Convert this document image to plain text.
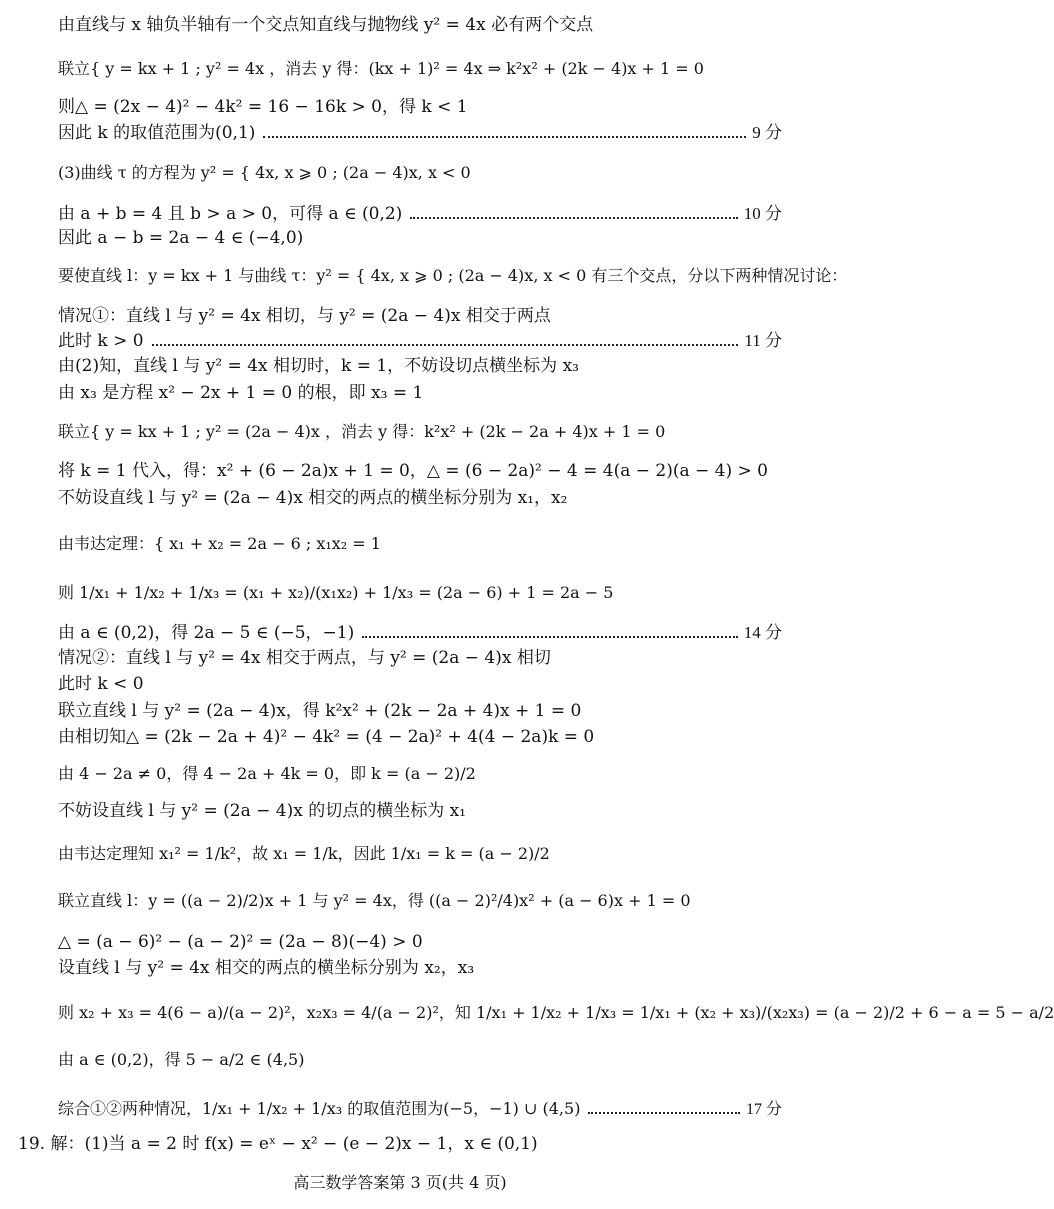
由直线与 x 轴负半轴有一个交点知直线与抛物线 y² = 4x 必有两个交点
联立{ y = kx + 1 ; y² = 4x ，消去 y 得：(kx + 1)² = 4x ⇒ k²x² + (2k − 4)x + 1 = 0
则△ = (2x − 4)² − 4k² = 16 − 16k > 0，得 k < 1
因此 k 的取值范围为(0,1)	9 分
(3)曲线 τ 的方程为 y² = { 4x, x ⩾ 0 ; (2a − 4)x, x < 0
由 a + b = 4 且 b > a > 0，可得 a ∈ (0,2)	10 分
因此 a − b = 2a − 4 ∈ (−4,0)
要使直线 l：y = kx + 1 与曲线 τ：y² = { 4x, x ⩾ 0 ; (2a − 4)x, x < 0 有三个交点，分以下两种情况讨论：
情况①：直线 l 与 y² = 4x 相切，与 y² = (2a − 4)x 相交于两点
此时 k > 0	11 分
由(2)知，直线 l 与 y² = 4x 相切时，k = 1，不妨设切点横坐标为 x₃
由 x₃ 是方程 x² − 2x + 1 = 0 的根，即 x₃ = 1
联立{ y = kx + 1 ; y² = (2a − 4)x ，消去 y 得：k²x² + (2k − 2a + 4)x + 1 = 0
将 k = 1 代入，得：x² + (6 − 2a)x + 1 = 0，△ = (6 − 2a)² − 4 = 4(a − 2)(a − 4) > 0
不妨设直线 l 与 y² = (2a − 4)x 相交的两点的横坐标分别为 x₁，x₂
由韦达定理：{ x₁ + x₂ = 2a − 6 ; x₁x₂ = 1
则 1/x₁ + 1/x₂ + 1/x₃ = (x₁ + x₂)/(x₁x₂) + 1/x₃ = (2a − 6) + 1 = 2a − 5
由 a ∈ (0,2)，得 2a − 5 ∈ (−5，−1)	14 分
情况②：直线 l 与 y² = 4x 相交于两点，与 y² = (2a − 4)x 相切
此时 k < 0
联立直线 l 与 y² = (2a − 4)x，得 k²x² + (2k − 2a + 4)x + 1 = 0
由相切知△ = (2k − 2a + 4)² − 4k² = (4 − 2a)² + 4(4 − 2a)k = 0
由 4 − 2a ≠ 0，得 4 − 2a + 4k = 0，即 k = (a − 2)/2
不妨设直线 l 与 y² = (2a − 4)x 的切点的横坐标为 x₁
由韦达定理知 x₁² = 1/k²，故 x₁ = 1/k，因此 1/x₁ = k = (a − 2)/2
联立直线 l：y = ((a − 2)/2)x + 1 与 y² = 4x，得 ((a − 2)²/4)x² + (a − 6)x + 1 = 0
△ = (a − 6)² − (a − 2)² = (2a − 8)(−4) > 0
设直线 l 与 y² = 4x 相交的两点的横坐标分别为 x₂，x₃
则 x₂ + x₃ = 4(6 − a)/(a − 2)²，x₂x₃ = 4/(a − 2)²，知 1/x₁ + 1/x₂ + 1/x₃ = 1/x₁ + (x₂ + x₃)/(x₂x₃) = (a − 2)/2 + 6 − a = 5 − a/2
由 a ∈ (0,2)，得 5 − a/2 ∈ (4,5)
综合①②两种情况，1/x₁ + 1/x₂ + 1/x₃ 的取值范围为(−5，−1) ∪ (4,5)	17 分
19. 解：(1)当 a = 2 时 f(x) = eˣ − x² − (e − 2)x − 1，x ∈ (0,1)
高三数学答案第 3 页(共 4 页)
